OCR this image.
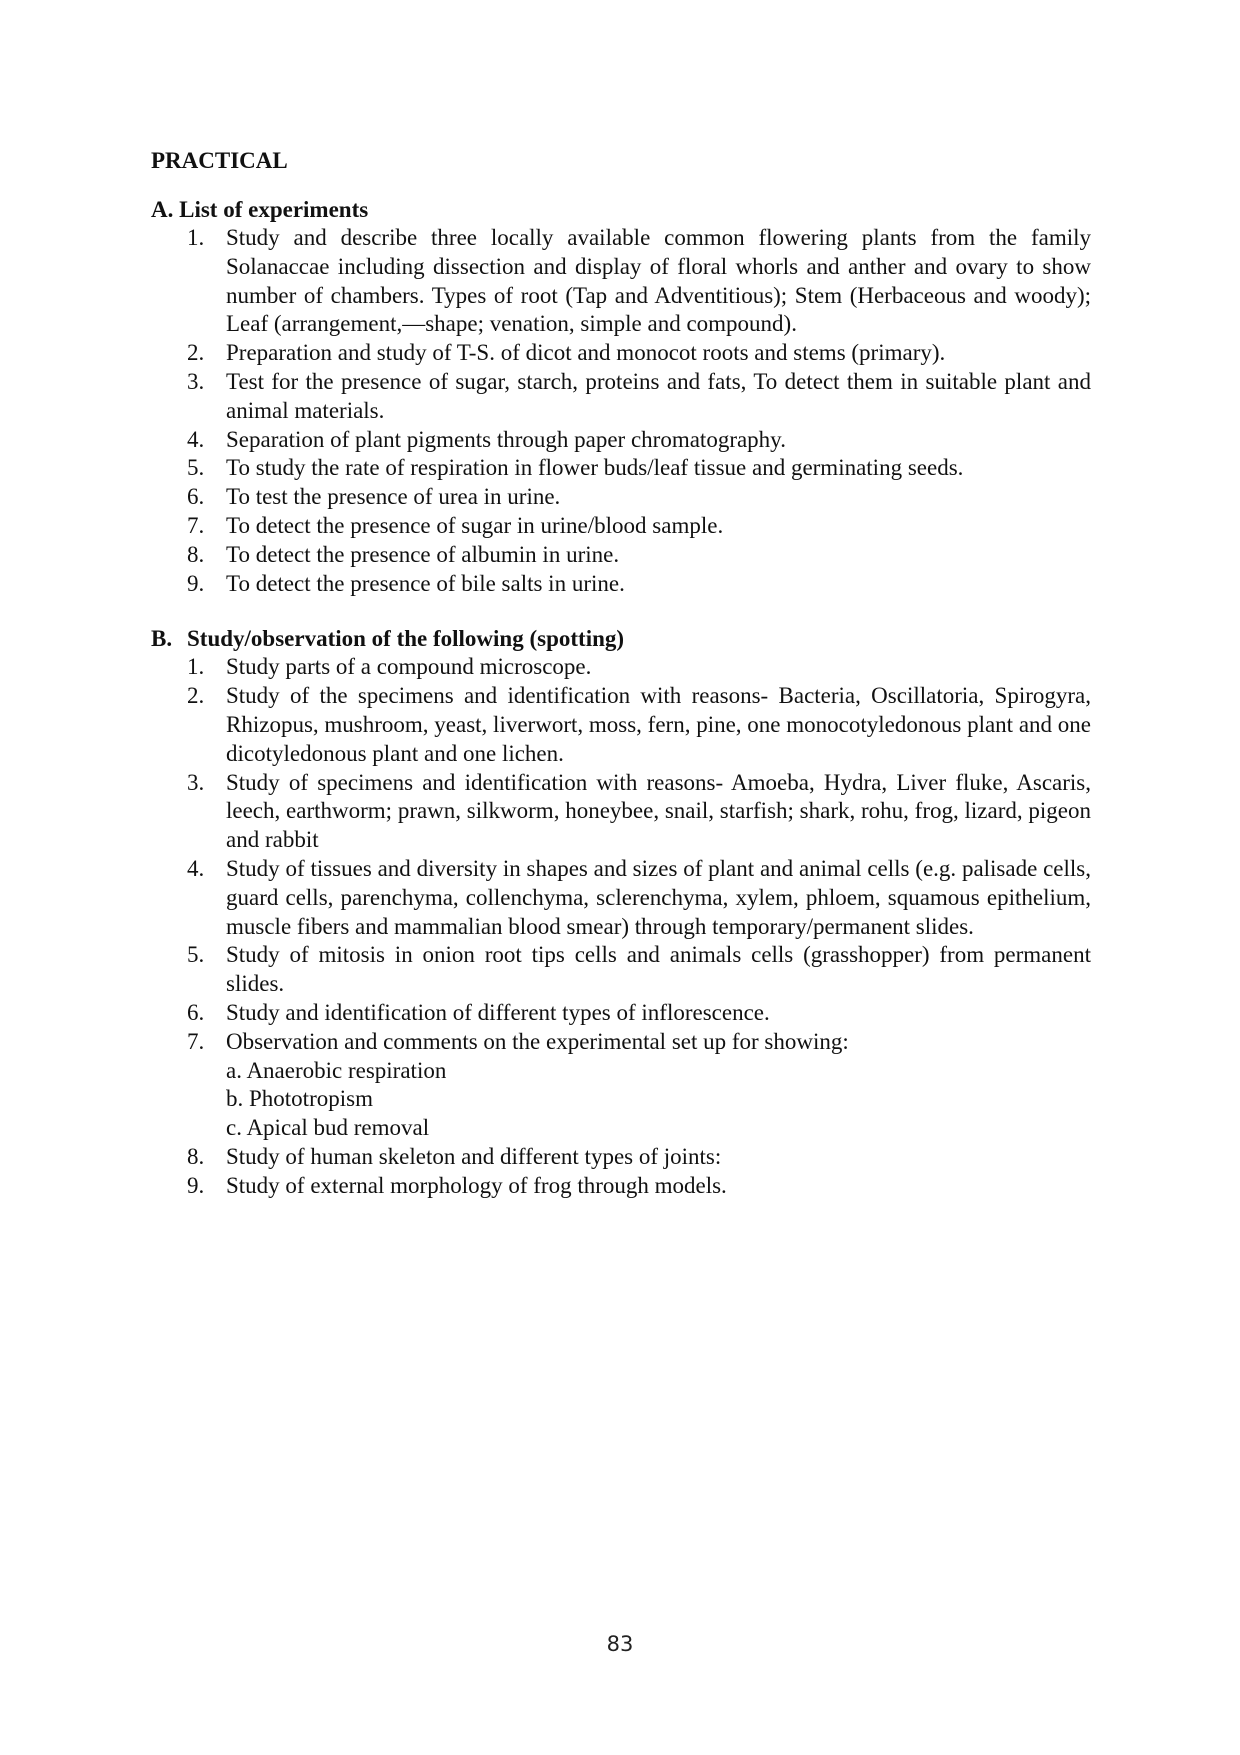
PRACTICAL
A. List of experiments
1. Study and describe three locally available common flowering plants from the family Solanaccae including dissection and display of floral whorls and anther and ovary to show number of chambers. Types of root (Tap and Adventitious); Stem (Herbaceous and woody); Leaf (arrangement,—shape; venation, simple and compound).
2. Preparation and study of T-S. of dicot and monocot roots and stems (primary).
3. Test for the presence of sugar, starch, proteins and fats, To detect them in suitable plant and animal materials.
4. Separation of plant pigments through paper chromatography.
5. To study the rate of respiration in flower buds/leaf tissue and germinating seeds.
6. To test the presence of urea in urine.
7. To detect the presence of sugar in urine/blood sample.
8. To detect the presence of albumin in urine.
9. To detect the presence of bile salts in urine.
B. Study/observation of the following (spotting)
1. Study parts of a compound microscope.
2. Study of the specimens and identification with reasons- Bacteria, Oscillatoria, Spirogyra, Rhizopus, mushroom, yeast, liverwort, moss, fern, pine, one monocotyledonous plant and one dicotyledonous plant and one lichen.
3. Study of specimens and identification with reasons- Amoeba, Hydra, Liver fluke, Ascaris, leech, earthworm; prawn, silkworm, honeybee, snail, starfish; shark, rohu, frog, lizard, pigeon and rabbit
4. Study of tissues and diversity in shapes and sizes of plant and animal cells (e.g. palisade cells, guard cells, parenchyma, collenchyma, sclerenchyma, xylem, phloem, squamous epithelium, muscle fibers and mammalian blood smear) through temporary/permanent slides.
5. Study of mitosis in onion root tips cells and animals cells (grasshopper) from permanent slides.
6. Study and identification of different types of inflorescence.
7. Observation and comments on the experimental set up for showing:
a. Anaerobic respiration
b. Phototropism
c. Apical bud removal
8. Study of human skeleton and different types of joints:
9. Study of external morphology of frog through models.
83
